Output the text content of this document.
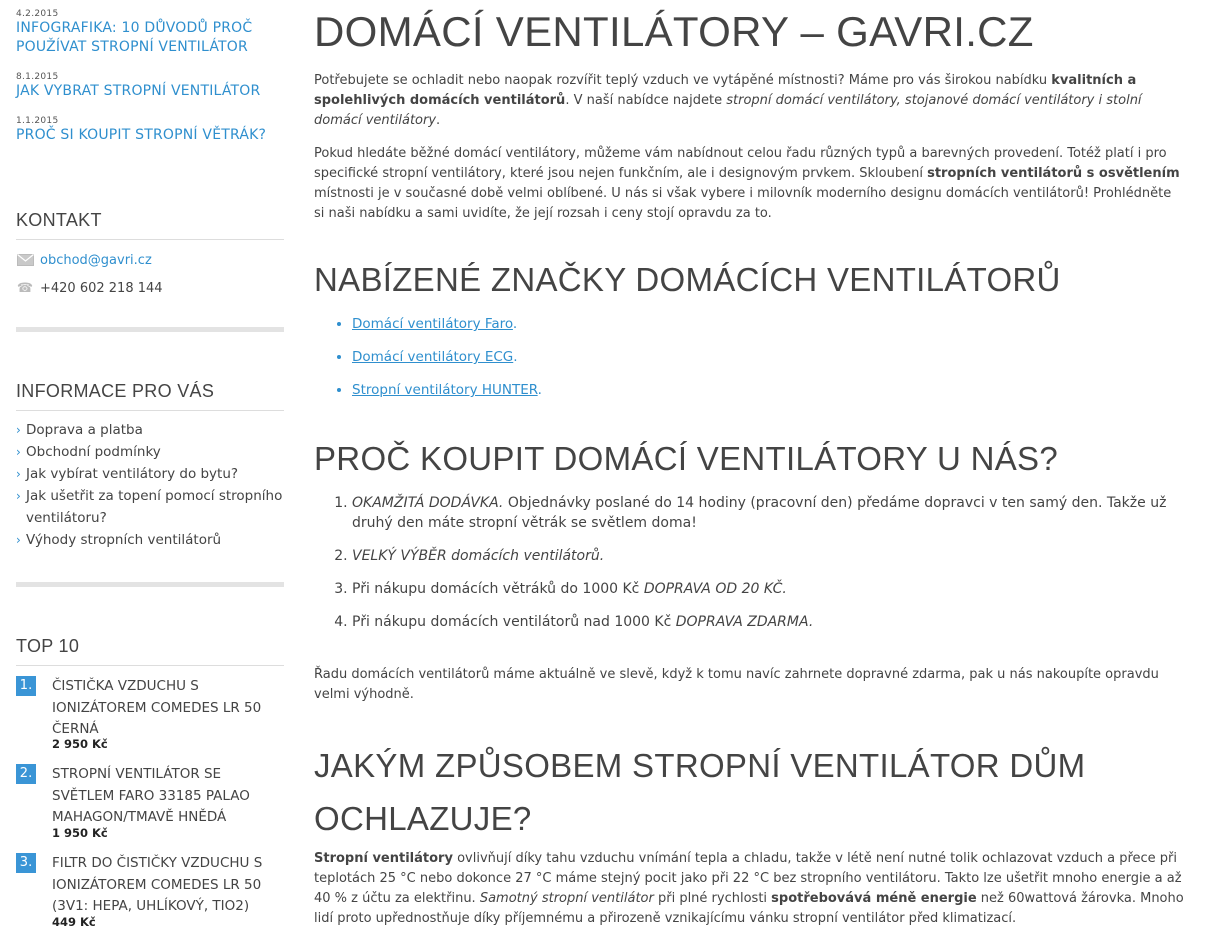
4.2.2015
INFOGRAFIKA: 10 DŮVODŮ PROČ POUŽÍVAT STROPNÍ VENTILÁTOR
8.1.2015
JAK VYBRAT STROPNÍ VENTILÁTOR
1.1.2015
PROČ SI KOUPIT STROPNÍ VĚTRÁK?
KONTAKT
obchod@gavri.cz
☎ +420 602 218 144
INFORMACE PRO VÁS
› Doprava a platba
› Obchodní podmínky
› Jak vybírat ventilátory do bytu?
› Jak ušetřit za topení pomocí stropního ventilátoru?
› Výhody stropních ventilátorů
TOP 10
1. ČISTIČKA VZDUCHU S IONIZÁTOREM COMEDES LR 50 ČERNÁ
2 950 Kč
2. STROPNÍ VENTILÁTOR SE SVĚTLEM FARO 33185 PALAO MAHAGON/TMAVĚ HNĚDÁ
1 950 Kč
3. FILTR DO ČISTIČKY VZDUCHU S IONIZÁTOREM COMEDES LR 50 (3V1: HEPA, UHLÍKOVÝ, TIO2)
449 Kč
DOMÁCÍ VENTILÁTORY – GAVRI.CZ

Potřebujete se ochladit nebo naopak rozvířit teplý vzduch ve vytápěné místnosti? Máme pro vás širokou nabídku kvalitních a spolehlivých domácích ventilátorů. V naší nabídce najdete stropní domácí ventilátory, stojanové domácí ventilátory i stolní domácí ventilátory.

Pokud hledáte běžné domácí ventilátory, můžeme vám nabídnout celou řadu různých typů a barevných provedení. Totéž platí i pro specifické stropní ventilátory, které jsou nejen funkčním, ale i designovým prvkem. Skloubení stropních ventilátorů s osvětlením místnosti je v současné době velmi oblíbené. U nás si však vybere i milovník moderního designu domácích ventilátorů! Prohlédněte si naši nabídku a sami uvidíte, že její rozsah i ceny stojí opravdu za to.

NABÍZENÉ ZNAČKY DOMÁCÍCH VENTILÁTORŮ
• Domácí ventilátory Faro.
• Domácí ventilátory ECG.
• Stropní ventilátory HUNTER.
PROČ KOUPIT DOMÁCÍ VENTILÁTORY U NÁS?
1. OKAMŽITÁ DODÁVKA. Objednávky poslané do 14 hodiny (pracovní den) předáme dopravci v ten samý den. Takže už druhý den máte stropní větrák se světlem doma!
2. VELKÝ VÝBĚR domácích ventilátorů.
3. Při nákupu domácích větráků do 1000 Kč DOPRAVA OD 20 KČ.
4. Při nákupu domácích ventilátorů nad 1000 Kč DOPRAVA ZDARMA.

Řadu domácích ventilátorů máme aktuálně ve slevě, když k tomu navíc zahrnete dopravné zdarma, pak u nás nakoupíte opravdu velmi výhodně.

JAKÝM ZPŮSOBEM STROPNÍ VENTILÁTOR DŮM OCHLAZUJE?

Stropní ventilátory ovlivňují díky tahu vzduchu vnímání tepla a chladu, takže v létě není nutné tolik ochlazovat vzduch a přece při teplotách 25 °C nebo dokonce 27 °C máme stejný pocit jako při 22 °C bez stropního ventilátoru. Takto lze ušetřit mnoho energie a až 40 % z účtu za elektřinu. Samotný stropní ventilátor při plné rychlosti spotřebovává méně energie než 60wattová žárovka. Mnoho lidí proto upřednostňuje díky příjemnému a přirozeně vznikajícímu vánku stropní ventilátor před klimatizací.
